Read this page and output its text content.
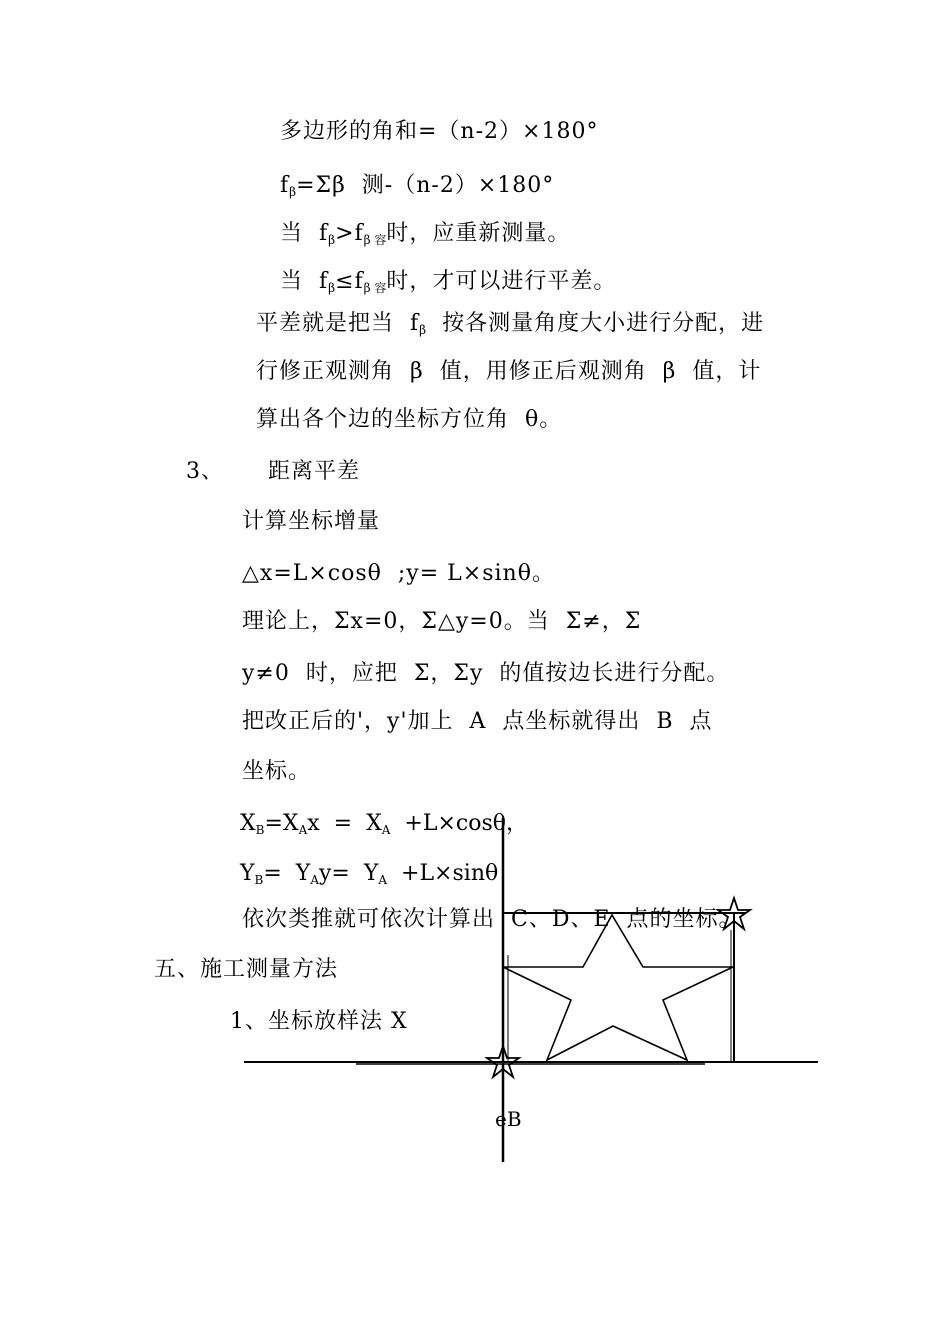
多边形的角和=（n-2）×180°
$f_\beta=\Sigma\beta$  测-（n-2）×180°
当  $f_\beta>f_{\beta 容}$时，应重新测量。
当  $f_\beta\le f_{\beta 容}$时，才可以进行平差。
平差就是把当  $f_\beta$  按各测量角度大小进行分配，进
行修正观测角  β  值，用修正后观测角  β  值，计
算出各个边的坐标方位角  θ。
3、 距离平差
计算坐标增量
△x=L×cosθ  ;y= L×sinθ。
理论上，Σx=0，Σ△y=0。当  Σ≠，Σ
y≠0  时，应把  Σ，Σy  的值按边长进行分配。
把改正后的'，y'加上  A  点坐标就得出  B  点
坐标。
$X_B=X_Ax = X_A +L\times\cos\theta$，
$Y_B= Y_Ay= Y_A +L\times\sin\theta$
依次类推就可依次计算出  C、D、E  点的坐标。
五、施工测量方法
1、坐标放样法 X
eB
